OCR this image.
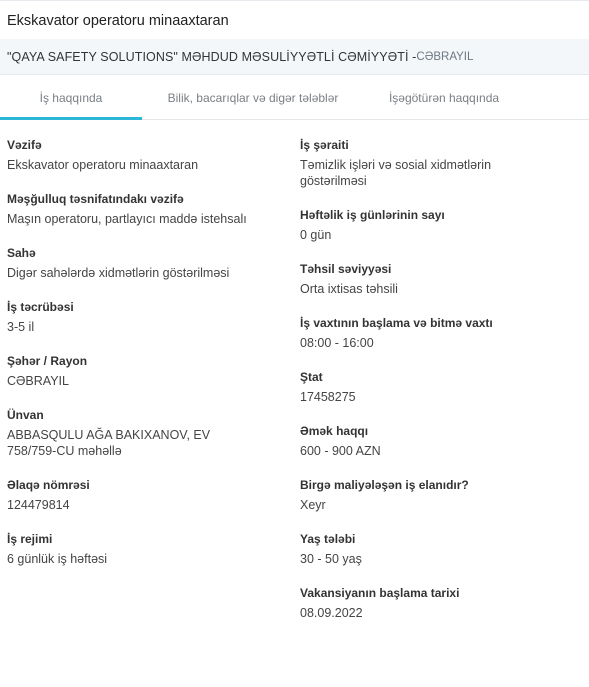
Ekskavator operatoru minaaxtaran
"QAYA SAFETY SOLUTIONS" MƏHDUD MƏSULİYYƏTLİ CƏMİYYƏTİ - CƏBRAYIL
İş haqqında	Bilik, bacarıqlar və digər tələblər	İşəgötürən haqqında
Vəzifə
Ekskavator operatoru minaaxtaran
Məşğulluq təsnifatındakı vəzifə
Maşın operatoru, partlayıcı maddə istehsalı
Sahə
Digər sahələrdə xidmətlərin göstərilməsi
İş təcrübəsi
3-5 il
Şəhər / Rayon
CƏBRAYIL
Ünvan
ABBASQULU AĞA BAKIXANOV, EV 758/759-CU məhəllə
Əlaqə nömrəsi
124479814
İş rejimi
6 günlük iş həftəsi
İş şəraiti
Təmizlik işləri və sosial xidmətlərin göstərilməsi
Həftəlik iş günlərinin sayı
0 gün
Təhsil səviyyəsi
Orta ixtisas təhsili
İş vaxtının başlama və bitmə vaxtı
08:00 - 16:00
Ştat
17458275
Əmək haqqı
600 - 900 AZN
Birgə maliyələşən iş elanıdır?
Xeyr
Yaş tələbi
30 - 50 yaş
Vakansiyanın başlama tarixi
08.09.2022
